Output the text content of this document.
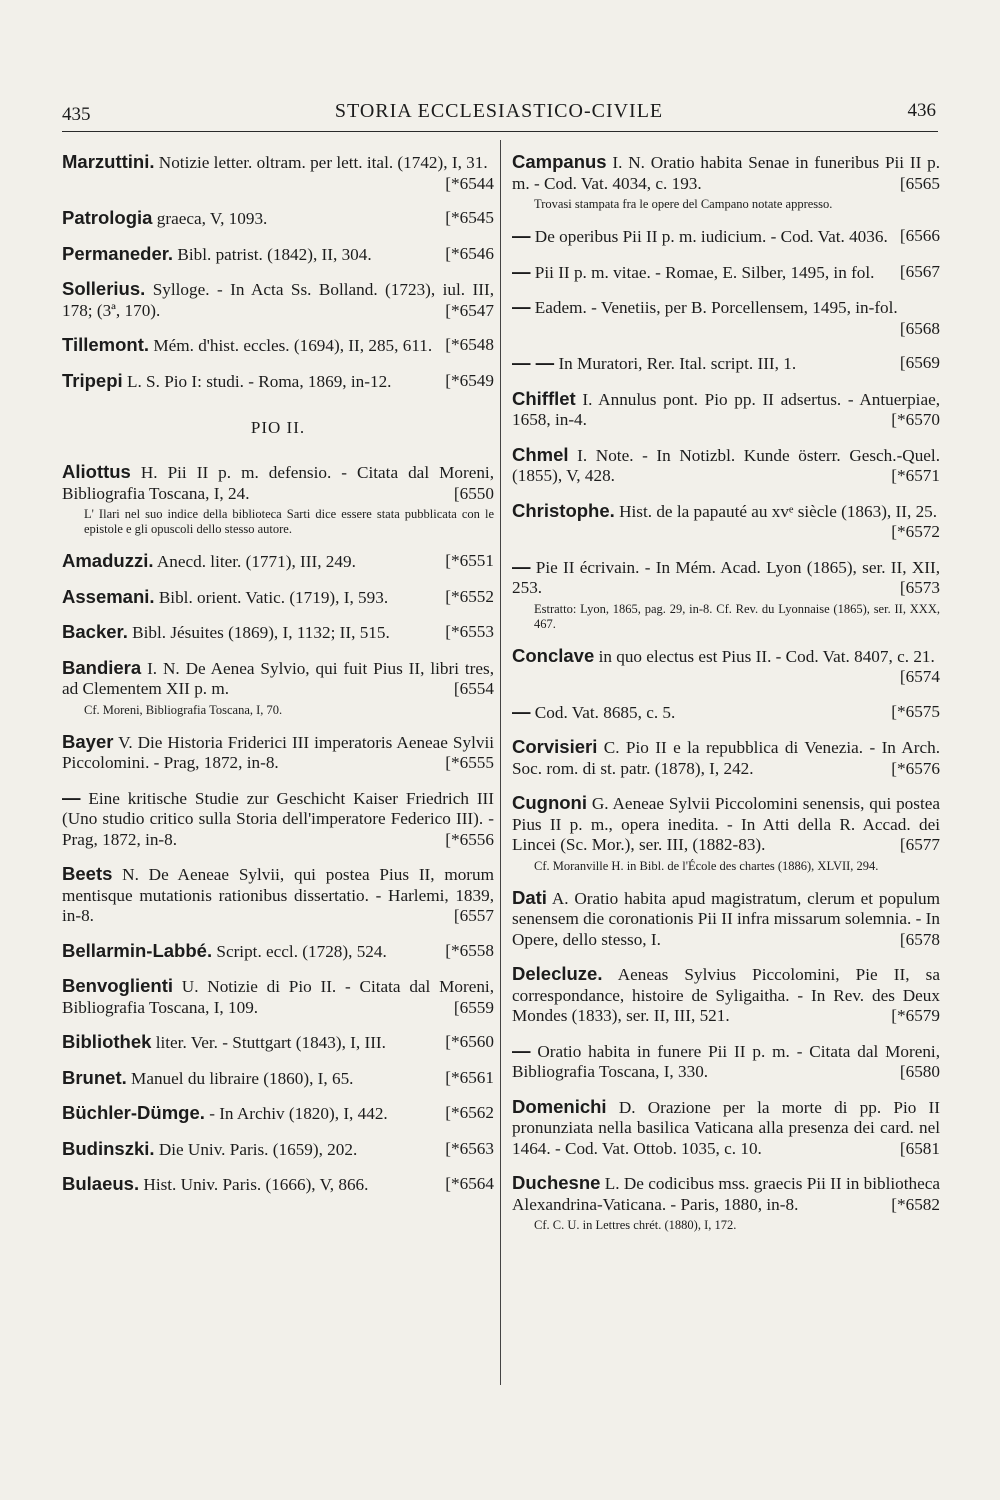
435	STORIA ECCLESIASTICO-CIVILE	436
Marzuttini. Notizie letter. oltram. per lett. ital. (1742), I, 31.
[*6544
Patrologia graeca, V, 1093.	[*6545
Permaneder. Bibl. patrist. (1842), II, 304.	[*6546
Sollerius. Sylloge. - In Acta Ss. Bolland. (1723), iul. III, 178; (3ª, 170).	[*6547
Tillemont. Mém. d'hist. eccles. (1694), II, 285, 611. [*6548
Tripepi L. S. Pio I: studi. - Roma, 1869, in-12.	[*6549
PIO II.
Aliottus H. Pii II p. m. defensio. - Citata dal Moreni, Bibliografia Toscana, I, 24.	[6550
L' Ilari nel suo indice della biblioteca Sarti dice essere stata pubblicata con le epistole e gli opuscoli dello stesso autore.
Amaduzzi. Anecd. liter. (1771), III, 249.	[*6551
Assemani. Bibl. orient. Vatic. (1719), I, 593.	[*6552
Backer. Bibl. Jésuites (1869), I, 1132; II, 515.	[*6553
Bandiera I. N. De Aenea Sylvio, qui fuit Pius II, libri tres, ad Clementem XII p. m.	[6554
Cf. Moreni, Bibliografia Toscana, I, 70.
Bayer V. Die Historia Friderici III imperatoris Aeneae Sylvii Piccolomini. - Prag, 1872, in-8.	[*6555
— Eine kritische Studie zur Geschicht Kaiser Friedrich III (Uno studio critico sulla Storia dell'imperatore Federico III). - Prag, 1872, in-8.	[*6556
Beets N. De Aeneae Sylvii, qui postea Pius II, morum mentisque mutationis rationibus dissertatio. - Harlemi, 1839, in-8.	[6557
Bellarmin-Labbé. Script. eccl. (1728), 524.	[*6558
Benvoglienti U. Notizie di Pio II. - Citata dal Moreni, Bibliografia Toscana, I, 109.	[6559
Bibliothek liter. Ver. - Stuttgart (1843), I, III.	[*6560
Brunet. Manuel du libraire (1860), I, 65.	[*6561
Büchler-Dümge. - In Archiv (1820), I, 442.	[*6562
Budinszki. Die Univ. Paris. (1659), 202.	[*6563
Bulaeus. Hist. Univ. Paris. (1666), V, 866.	[*6564
Campanus I. N. Oratio habita Senae in funeribus Pii II p. m. - Cod. Vat. 4034, c. 193.	[6565
Trovasi stampata fra le opere del Campano notate appresso.
— De operibus Pii II p. m. iudicium. - Cod. Vat. 4036. [6566
— Pii II p. m. vitae. - Romae, E. Silber, 1495, in fol.	[6567
— Eadem. - Venetiis, per B. Porcellensem, 1495, in-fol.
[6568
— — In Muratori, Rer. Ital. script. III, 1.	[6569
Chifflet I. Annulus pont. Pio pp. II adsertus. - Antuerpiae, 1658, in-4.	[*6570
Chmel I. Note. - In Notizbl. Kunde österr. Gesch.-Quel. (1855), V, 428.	[*6571
Christophe. Hist. de la papauté au xvᵉ siècle (1863), II, 25.
[*6572
— Pie II écrivain. - In Mém. Acad. Lyon (1865), ser. II, XII, 253.	[6573
Estratto: Lyon, 1865, pag. 29, in-8. Cf. Rev. du Lyonnaise (1865), ser. II, XXX, 467.
Conclave in quo electus est Pius II. - Cod. Vat. 8407, c. 21.
[6574
— Cod. Vat. 8685, c. 5.	[*6575
Corvisieri C. Pio II e la repubblica di Venezia. - In Arch. Soc. rom. di st. patr. (1878), I, 242.	[*6576
Cugnoni G. Aeneae Sylvii Piccolomini senensis, qui postea Pius II p. m., opera inedita. - In Atti della R. Accad. dei Lincei (Sc. Mor.), ser. III, (1882-83).	[6577
Cf. Moranville H. in Bibl. de l'École des chartes (1886), XLVII, 294.
Dati A. Oratio habita apud magistratum, clerum et populum senensem die coronationis Pii II infra missarum solemnia. - In Opere, dello stesso, I.	[6578
Delecluze. Aeneas Sylvius Piccolomini, Pie II, sa correspondance, histoire de Syligaitha. - In Rev. des Deux Mondes (1833), ser. II, III, 521.	[*6579
— Oratio habita in funere Pii II p. m. - Citata dal Moreni, Bibliografia Toscana, I, 330.	[6580
Domenichi D. Orazione per la morte di pp. Pio II pronunziata nella basilica Vaticana alla presenza dei card. nel 1464. - Cod. Vat. Ottob. 1035, c. 10.	[6581
Duchesne L. De codicibus mss. graecis Pii II in bibliotheca Alexandrina-Vaticana. - Paris, 1880, in-8.	[*6582
Cf. C. U. in Lettres chrét. (1880), I, 172.
